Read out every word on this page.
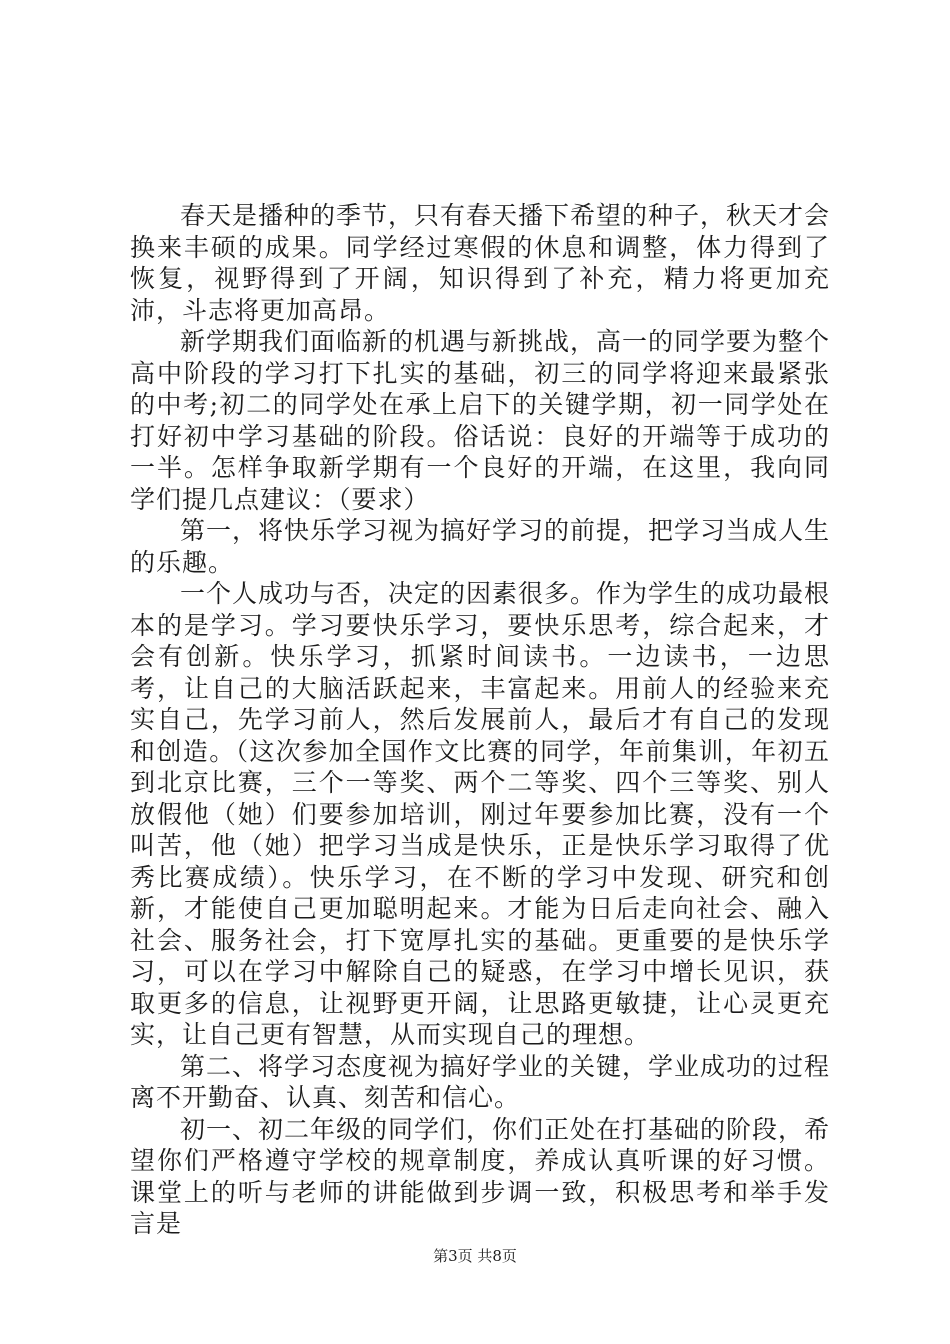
春天是播种的季节，只有春天播下希望的种子，秋天才会换来丰硕的成果。同学经过寒假的休息和调整，体力得到了恢复，视野得到了开阔，知识得到了补充，精力将更加充沛，斗志将更加高昂。

新学期我们面临新的机遇与新挑战，高一的同学要为整个高中阶段的学习打下扎实的基础，初三的同学将迎来最紧张的中考;初二的同学处在承上启下的关键学期，初一同学处在打好初中学习基础的阶段。俗话说：良好的开端等于成功的一半。怎样争取新学期有一个良好的开端，在这里，我向同学们提几点建议：（要求）

第一，将快乐学习视为搞好学习的前提，把学习当成人生的乐趣。

一个人成功与否，决定的因素很多。作为学生的成功最根本的是学习。学习要快乐学习，要快乐思考，综合起来，才会有创新。快乐学习，抓紧时间读书。一边读书，一边思考，让自己的大脑活跃起来，丰富起来。用前人的经验来充实自己，先学习前人，然后发展前人，最后才有自己的发现和创造。（这次参加全国作文比赛的同学，年前集训，年初五到北京比赛，三个一等奖、两个二等奖、四个三等奖、别人放假他（她）们要参加培训，刚过年要参加比赛，没有一个叫苦，他（她）把学习当成是快乐，正是快乐学习取得了优秀比赛成绩）。快乐学习，在不断的学习中发现、研究和创新，才能使自己更加聪明起来。才能为日后走向社会、融入社会、服务社会，打下宽厚扎实的基础。更重要的是快乐学习，可以在学习中解除自己的疑惑，在学习中增长见识，获取更多的信息，让视野更开阔，让思路更敏捷，让心灵更充实，让自己更有智慧，从而实现自己的理想。

第二、将学习态度视为搞好学业的关键，学业成功的过程离不开勤奋、认真、刻苦和信心。

初一、初二年级的同学们，你们正处在打基础的阶段，希望你们严格遵守学校的规章制度，养成认真听课的好习惯。课堂上的听与老师的讲能做到步调一致，积极思考和举手发言是

第3页 共8页
